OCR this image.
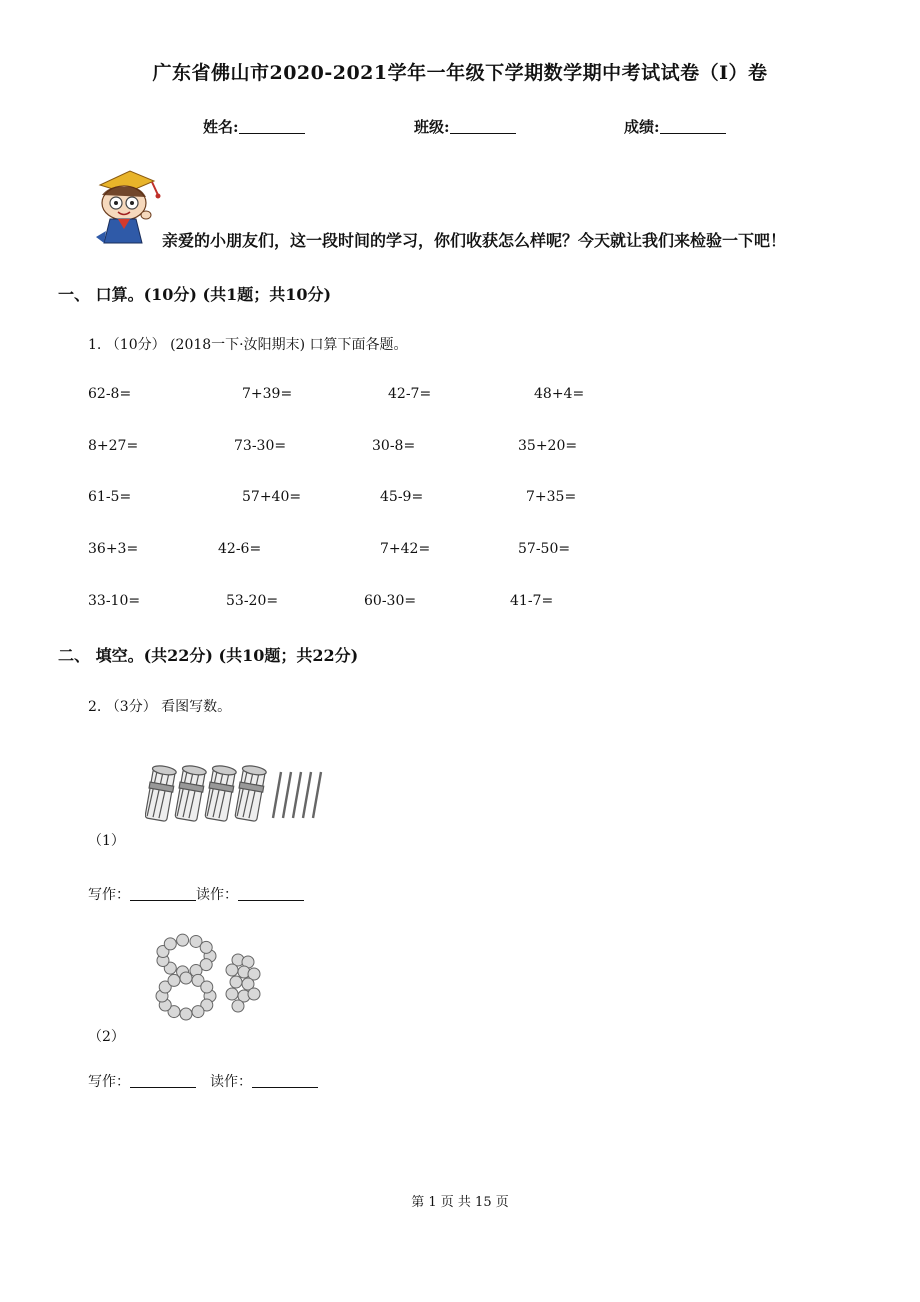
广东省佛山市2020-2021学年一年级下学期数学期中考试试卷（I）卷
姓名:	班级:	成绩:
亲爱的小朋友们，这一段时间的学习，你们收获怎么样呢？今天就让我们来检验一下吧！
一、 口算。(10分) (共1题；共10分)
1. （10分） (2018一下·汝阳期末) 口算下面各题。
62-8=	7+39=	42-7=	48+4=
8+27=	73-30=	30-8=	35+20=
61-5=	57+40=	45-9=	7+35=
36+3=	42-6=	7+42=	57-50=
33-10=	53-20=	60-30=	41-7=
二、 填空。(共22分) (共10题；共22分)
2. （3分） 看图写数。
（1）
写作：	读作：
（2）
写作：	读作：
第 1 页 共 15 页
